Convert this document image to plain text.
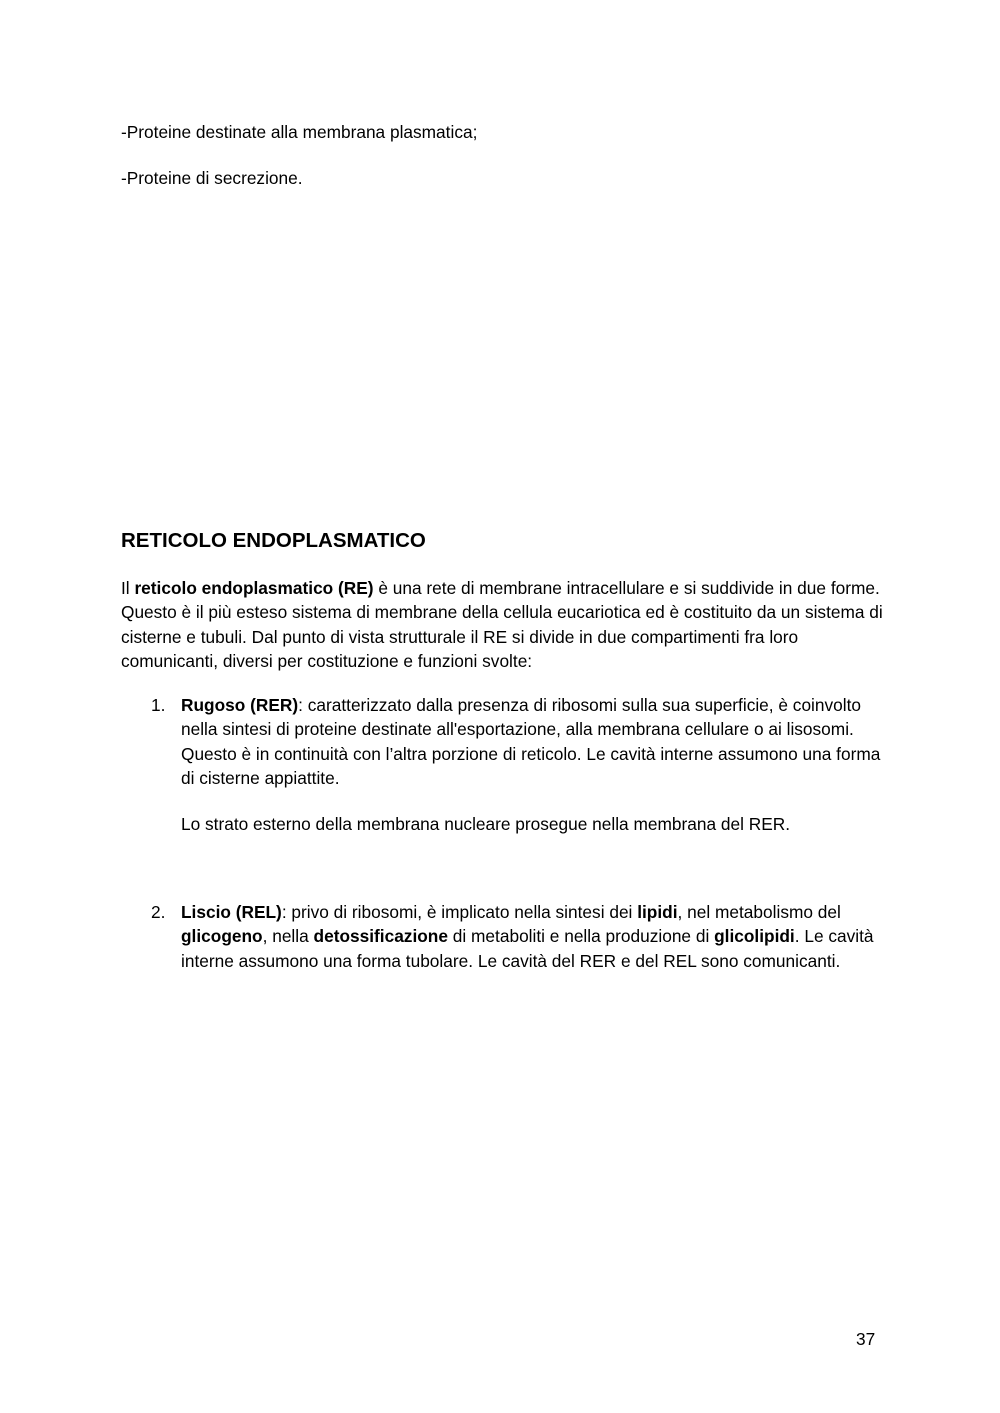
-Proteine destinate alla membrana plasmatica;

-Proteine di secrezione.

RETICOLO ENDOPLASMATICO

Il reticolo endoplasmatico (RE) è una rete di membrane intracellulare e si suddivide in due forme. Questo è il più esteso sistema di membrane della cellula eucariotica ed è costituito da un sistema di cisterne e tubuli. Dal punto di vista strutturale il RE si divide in due compartimenti fra loro comunicanti, diversi per costituzione e funzioni svolte:

1. Rugoso (RER): caratterizzato dalla presenza di ribosomi sulla sua superficie, è coinvolto nella sintesi di proteine destinate all'esportazione, alla membrana cellulare o ai lisosomi. Questo è in continuità con l’altra porzione di reticolo. Le cavità interne assumono una forma di cisterne appiattite.

Lo strato esterno della membrana nucleare prosegue nella membrana del RER.

2. Liscio (REL): privo di ribosomi, è implicato nella sintesi dei lipidi, nel metabolismo del glicogeno, nella detossificazione di metaboliti e nella produzione di glicolipidi. Le cavità interne assumono una forma tubolare. Le cavità del RER e del REL sono comunicanti.

37
